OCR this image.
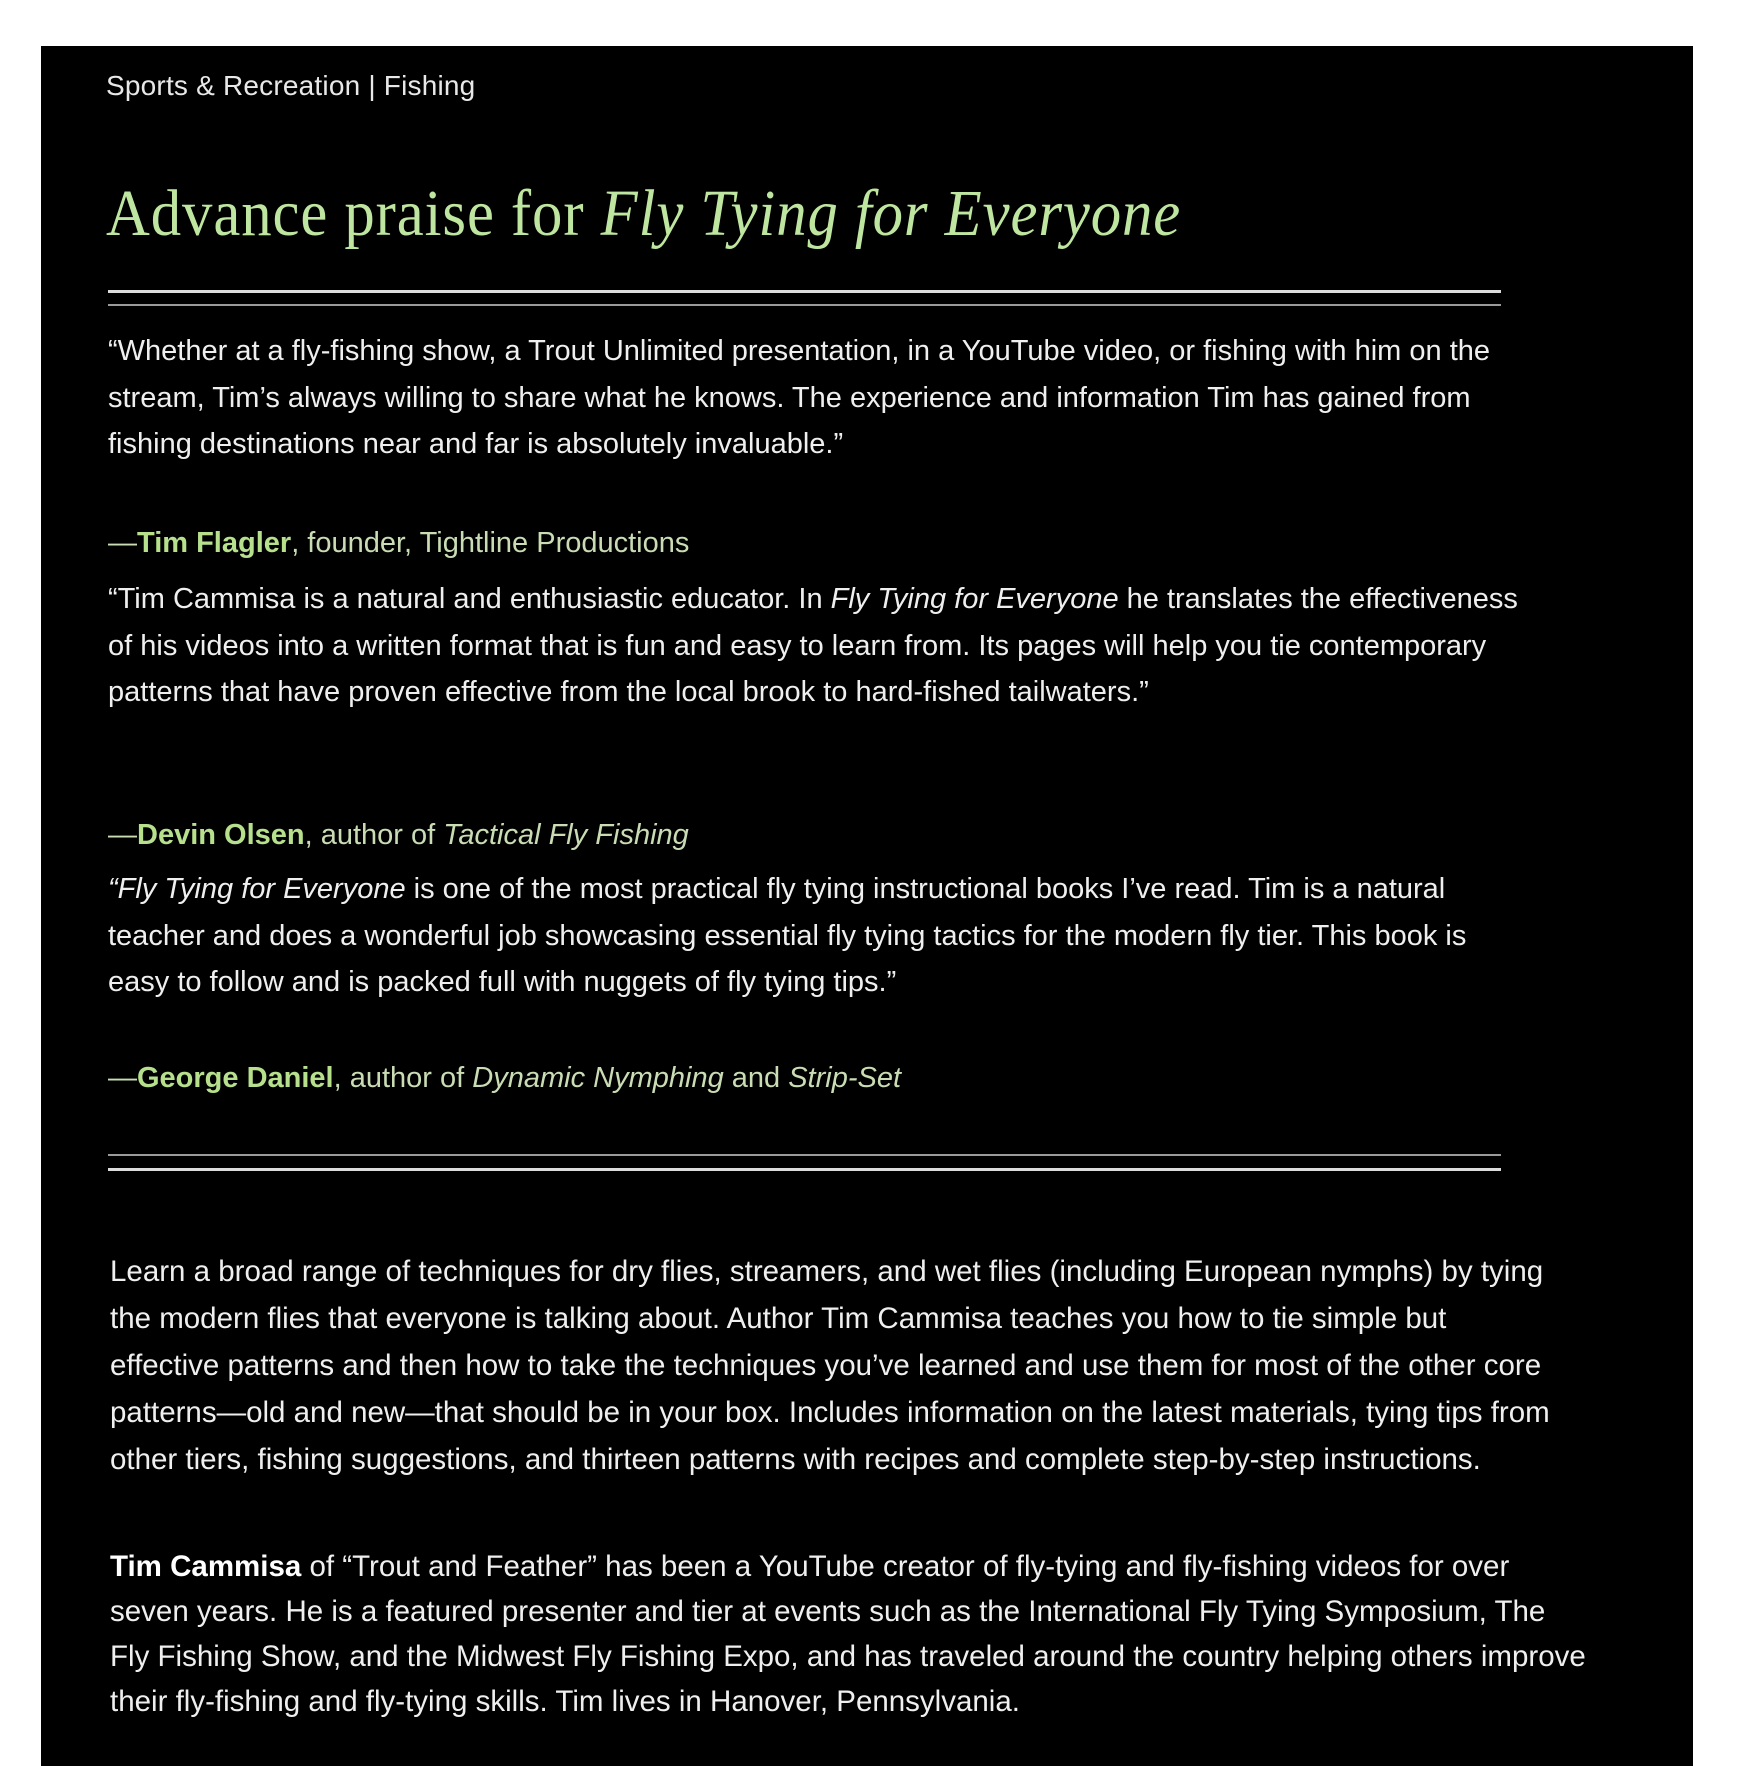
Sports & Recreation | Fishing
Advance praise for Fly Tying for Everyone
“Whether at a fly-fishing show, a Trout Unlimited presentation, in a YouTube video, or fishing with him on the stream, Tim’s always willing to share what he knows. The experience and information Tim has gained from fishing destinations near and far is absolutely invaluable.”
—Tim Flagler, founder, Tightline Productions
“Tim Cammisa is a natural and enthusiastic educator. In Fly Tying for Everyone he translates the effectiveness of his videos into a written format that is fun and easy to learn from. Its pages will help you tie contemporary patterns that have proven effective from the local brook to hard-fished tailwaters.”
—Devin Olsen, author of Tactical Fly Fishing
“Fly Tying for Everyone is one of the most practical fly tying instructional books I’ve read. Tim is a natural teacher and does a wonderful job showcasing essential fly tying tactics for the modern fly tier. This book is easy to follow and is packed full with nuggets of fly tying tips.”
—George Daniel, author of Dynamic Nymphing and Strip-Set
Learn a broad range of techniques for dry flies, streamers, and wet flies (including European nymphs) by tying the modern flies that everyone is talking about. Author Tim Cammisa teaches you how to tie simple but effective patterns and then how to take the techniques you’ve learned and use them for most of the other core patterns—old and new—that should be in your box. Includes information on the latest materials, tying tips from other tiers, fishing suggestions, and thirteen patterns with recipes and complete step-by-step instructions.
Tim Cammisa of “Trout and Feather” has been a YouTube creator of fly-tying and fly-fishing videos for over seven years. He is a featured presenter and tier at events such as the International Fly Tying Symposium, The Fly Fishing Show, and the Midwest Fly Fishing Expo, and has traveled around the country helping others improve their fly-fishing and fly-tying skills. Tim lives in Hanover, Pennsylvania.
